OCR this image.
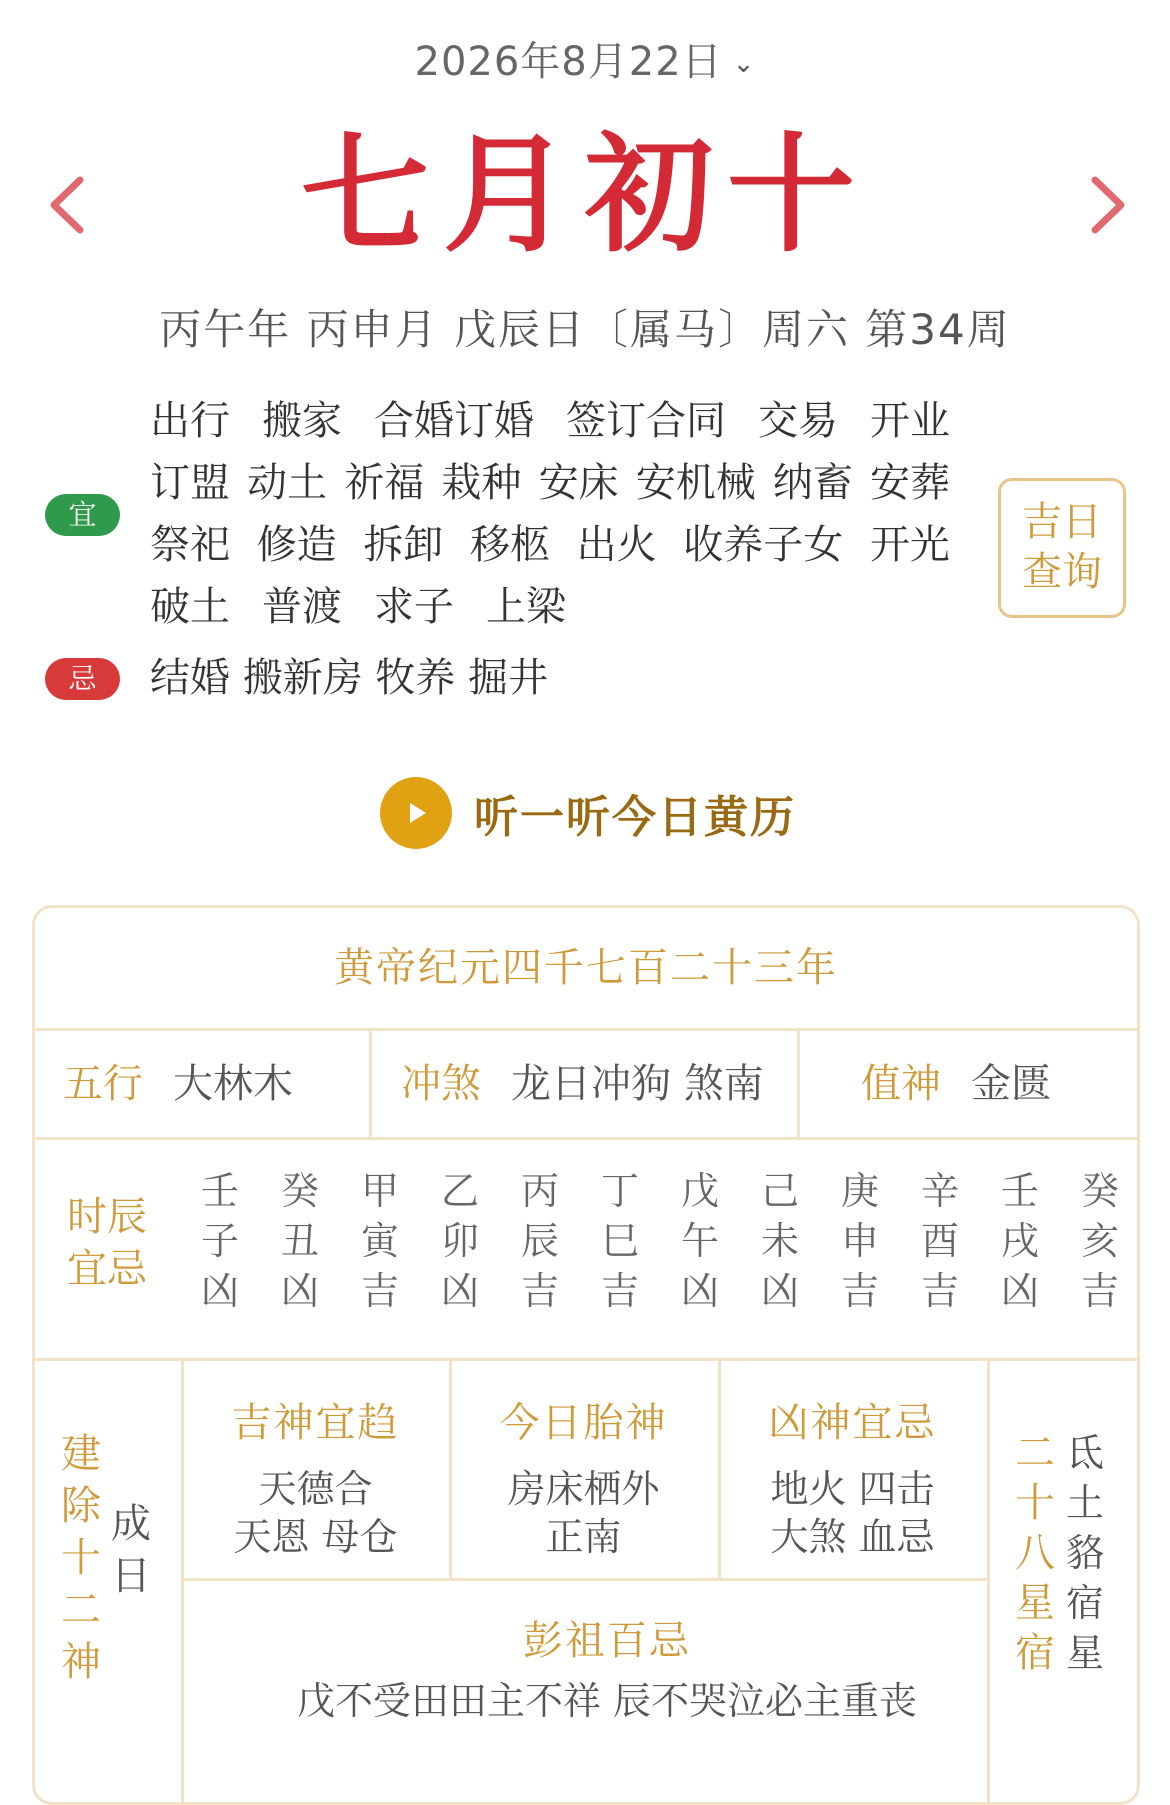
2026年8月22日 ⌄
七月初十
丙午年 丙申月 戊辰日〔属马〕周六 第34周
宜
出行 搬家 合婚订婚 签订合同 交易 开业
订盟 动土 祈福 栽种 安床 安机械 纳畜 安葬
祭祀 修造 拆卸 移柩 出火 收养子女 开光
破土 普渡 求子 上梁
吉日
查询
忌	结婚 搬新房 牧养 掘井
听一听今日黄历
黄帝纪元四千七百二十三年
五行 大林木	冲煞 龙日冲狗 煞南 值神 金匮
时辰
宜忌
壬
子
凶
癸
丑
凶
甲
寅
吉
乙
卯
凶
丙
辰
吉
丁
巳
吉
戊
午
凶
己
未
凶
庚
申
吉
辛
酉
吉
壬
戌
凶
癸
亥
吉
建
除
十
二
神
成
日
吉神宜趋
天德合
天恩 母仓
今日胎神
房床栖外
正南
凶神宜忌
地火 四击
大煞 血忌
彭祖百忌
戊不受田田主不祥 辰不哭泣必主重丧
二
十
八
星
宿
氐
土
貉
宿
星
